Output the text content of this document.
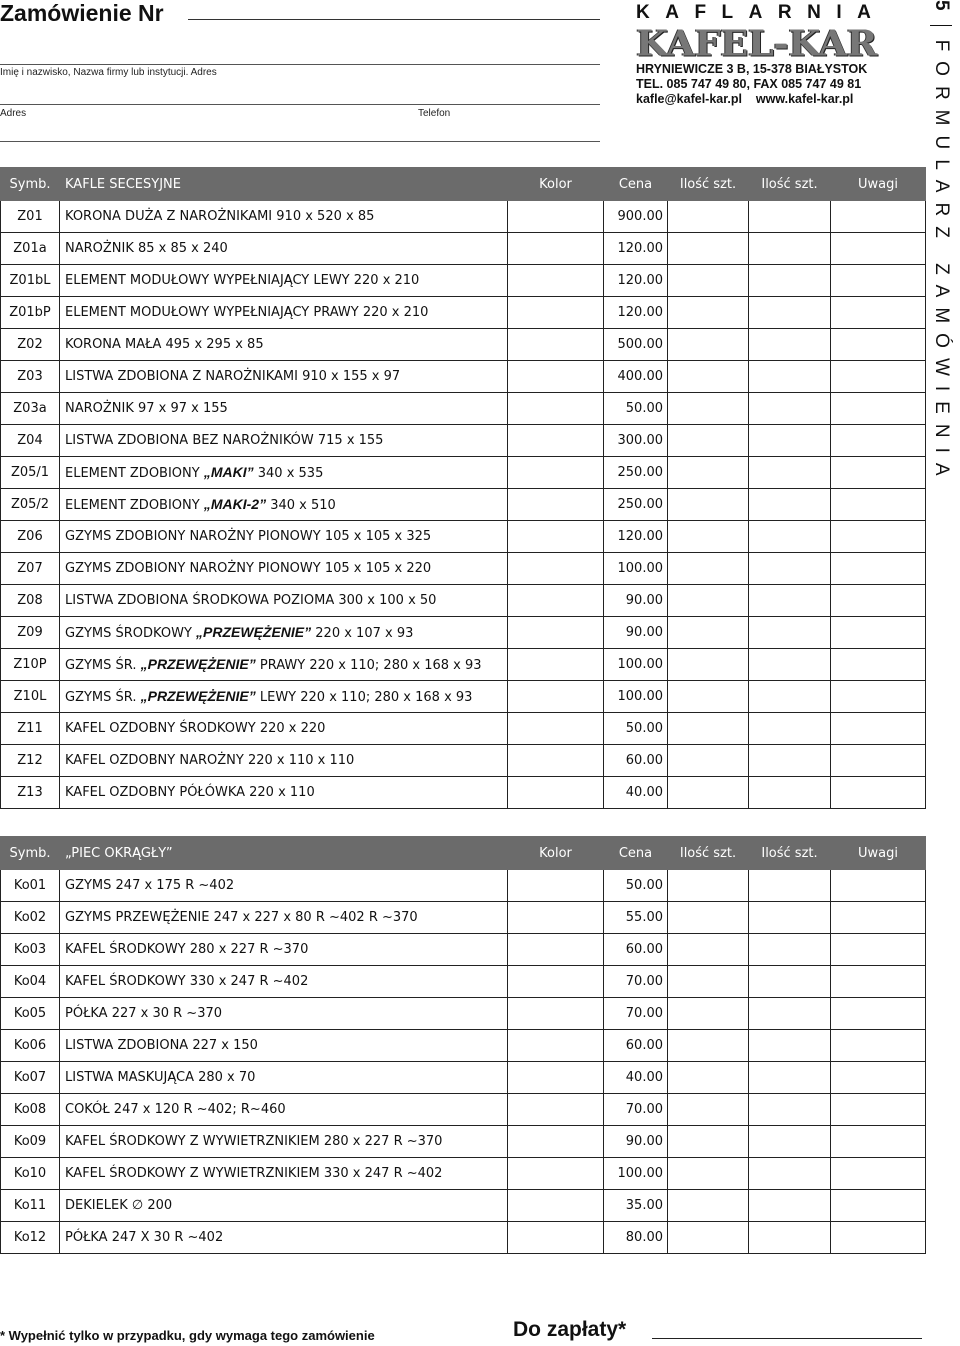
Zamówienie Nr
Imię i nazwisko, Nazwa firmy lub instytucji. Adres
Adres	Telefon
KAFLARNIA
KAFEL-KAR
HRYNIEWICZE 3 B, 15-378 BIAŁYSTOK
TEL. 085 747 49 80, FAX 085 747 49 81
kafle@kafel-kar.pl www.kafel-kar.pl
5FORMULARZ ZAMÓWIENIA
Symb.	KAFLE SECESYJNE	Kolor	Cena	Ilość szt.	Ilość szt.	Uwagi
Z01	KORONA DUŻA Z NAROŻNIKAMI 910 x 520 x 85		900.00			
Z01a	NAROŻNIK 85 x 85 x 240		120.00			
Z01bL	ELEMENT MODUŁOWY WYPEŁNIAJĄCY LEWY 220 x 210		120.00			
Z01bP	ELEMENT MODUŁOWY WYPEŁNIAJĄCY PRAWY 220 x 210		120.00			
Z02	KORONA MAŁA 495 x 295 x 85		500.00			
Z03	LISTWA ZDOBIONA Z NAROŻNIKAMI 910 x 155 x 97		400.00			
Z03a	NAROŻNIK 97 x 97 x 155		50.00			
Z04	LISTWA ZDOBIONA BEZ NAROŻNIKÓW 715 x 155		300.00			
Z05/1	ELEMENT ZDOBIONY „MAKI” 340 x 535		250.00			
Z05/2	ELEMENT ZDOBIONY „MAKI-2” 340 x 510		250.00			
Z06	GZYMS ZDOBIONY NAROŻNY PIONOWY 105 x 105 x 325		120.00			
Z07	GZYMS ZDOBIONY NAROŻNY PIONOWY 105 x 105 x 220		100.00			
Z08	LISTWA ZDOBIONA ŚRODKOWA POZIOMA 300 x 100 x 50		90.00			
Z09	GZYMS ŚRODKOWY „PRZEWĘŻENIE” 220 x 107 x 93		90.00			
Z10P	GZYMS ŚR. „PRZEWĘŻENIE” PRAWY 220 x 110; 280 x 168 x 93		100.00			
Z10L	GZYMS ŚR. „PRZEWĘŻENIE” LEWY 220 x 110; 280 x 168 x 93		100.00			
Z11	KAFEL OZDOBNY ŚRODKOWY 220 x 220		50.00			
Z12	KAFEL OZDOBNY NAROŻNY 220 x 110 x 110		60.00			
Z13	KAFEL OZDOBNY PÓŁÓWKA 220 x 110		40.00			
Symb.	„PIEC OKRĄGŁY”	Kolor	Cena	Ilość szt.	Ilość szt.	Uwagi
Ko01	GZYMS 247 x 175 R ~402		50.00			
Ko02	GZYMS PRZEWĘŻENIE 247 x 227 x 80 R ~402 R ~370		55.00			
Ko03	KAFEL ŚRODKOWY 280 x 227 R ~370		60.00			
Ko04	KAFEL ŚRODKOWY 330 x 247 R ~402		70.00			
Ko05	PÓŁKA 227 x 30 R ~370		70.00			
Ko06	LISTWA ZDOBIONA 227 x 150		60.00			
Ko07	LISTWA MASKUJĄCA 280 x 70		40.00			
Ko08	COKÓŁ 247 x 120 R ~402; R~460		70.00			
Ko09	KAFEL ŚRODKOWY Z WYWIETRZNIKIEM 280 x 227 R ~370		90.00			
Ko10	KAFEL ŚRODKOWY Z WYWIETRZNIKIEM 330 x 247 R ~402		100.00			
Ko11	DEKIELEK ∅ 200		35.00			
Ko12	PÓŁKA 247 X 30 R ~402		80.00			
* Wypełnić tylko w przypadku, gdy wymaga tego zamówienie	Do zapłaty*
